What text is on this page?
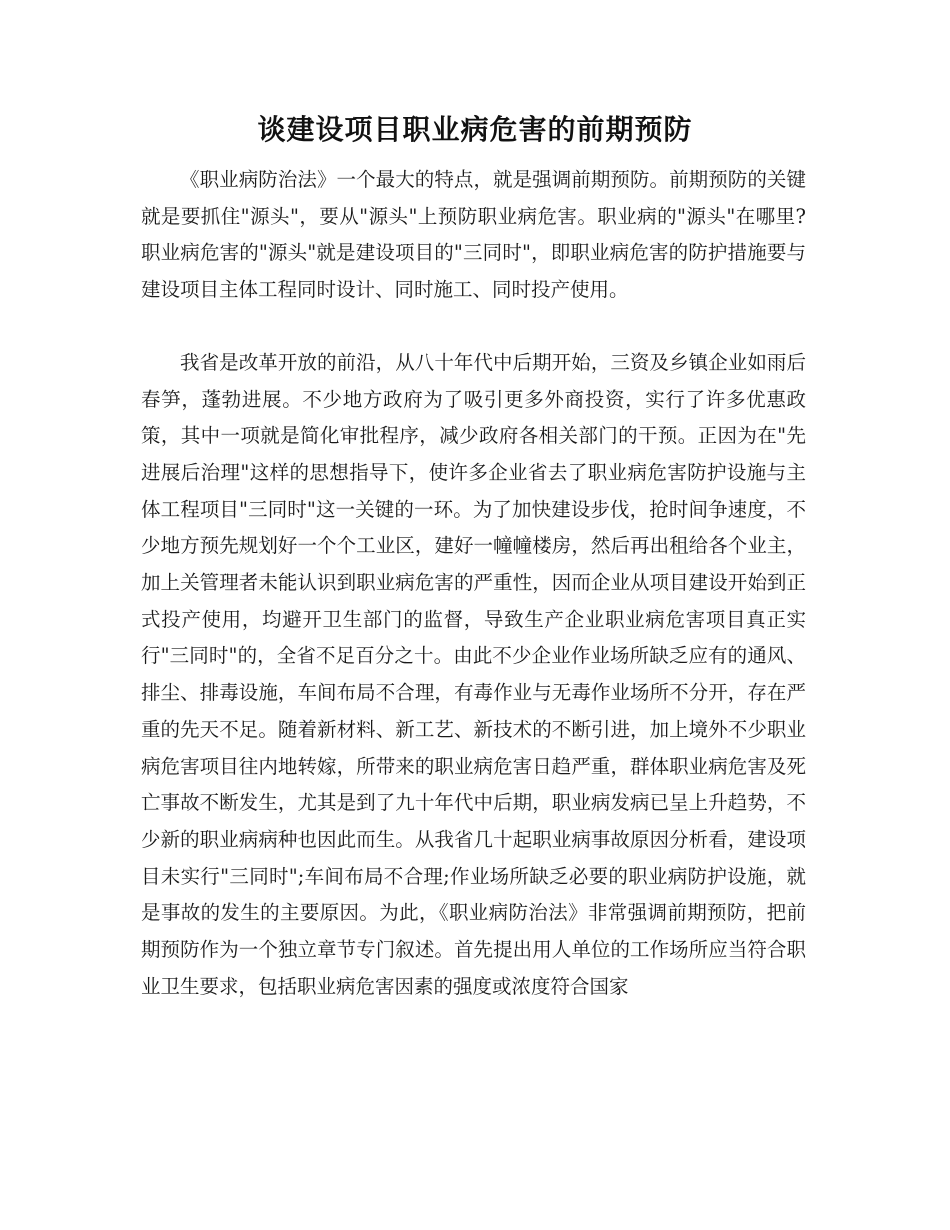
谈建设项目职业病危害的前期预防

《职业病防治法》一个最大的特点，就是强调前期预防。前期预防的关键就是要抓住"源头"，要从"源头"上预防职业病危害。职业病的"源头"在哪里?职业病危害的"源头"就是建设项目的"三同时"，即职业病危害的防护措施要与建设项目主体工程同时设计、同时施工、同时投产使用。

我省是改革开放的前沿，从八十年代中后期开始，三资及乡镇企业如雨后春笋，蓬勃进展。不少地方政府为了吸引更多外商投资，实行了许多优惠政策，其中一项就是简化审批程序，减少政府各相关部门的干预。正因为在"先进展后治理"这样的思想指导下，使许多企业省去了职业病危害防护设施与主体工程项目"三同时"这一关键的一环。为了加快建设步伐，抢时间争速度，不少地方预先规划好一个个工业区，建好一幢幢楼房，然后再出租给各个业主，加上关管理者未能认识到职业病危害的严重性，因而企业从项目建设开始到正式投产使用，均避开卫生部门的监督，导致生产企业职业病危害项目真正实行"三同时"的，全省不足百分之十。由此不少企业作业场所缺乏应有的通风、排尘、排毒设施，车间布局不合理，有毒作业与无毒作业场所不分开，存在严重的先天不足。随着新材料、新工艺、新技术的不断引进，加上境外不少职业病危害项目往内地转嫁，所带来的职业病危害日趋严重，群体职业病危害及死亡事故不断发生，尤其是到了九十年代中后期，职业病发病已呈上升趋势，不少新的职业病病种也因此而生。从我省几十起职业病事故原因分析看，建设项目未实行"三同时";车间布局不合理;作业场所缺乏必要的职业病防护设施，就是事故的发生的主要原因。为此，《职业病防治法》非常强调前期预防，把前期预防作为一个独立章节专门叙述。首先提出用人单位的工作场所应当符合职业卫生要求，包括职业病危害因素的强度或浓度符合国家
